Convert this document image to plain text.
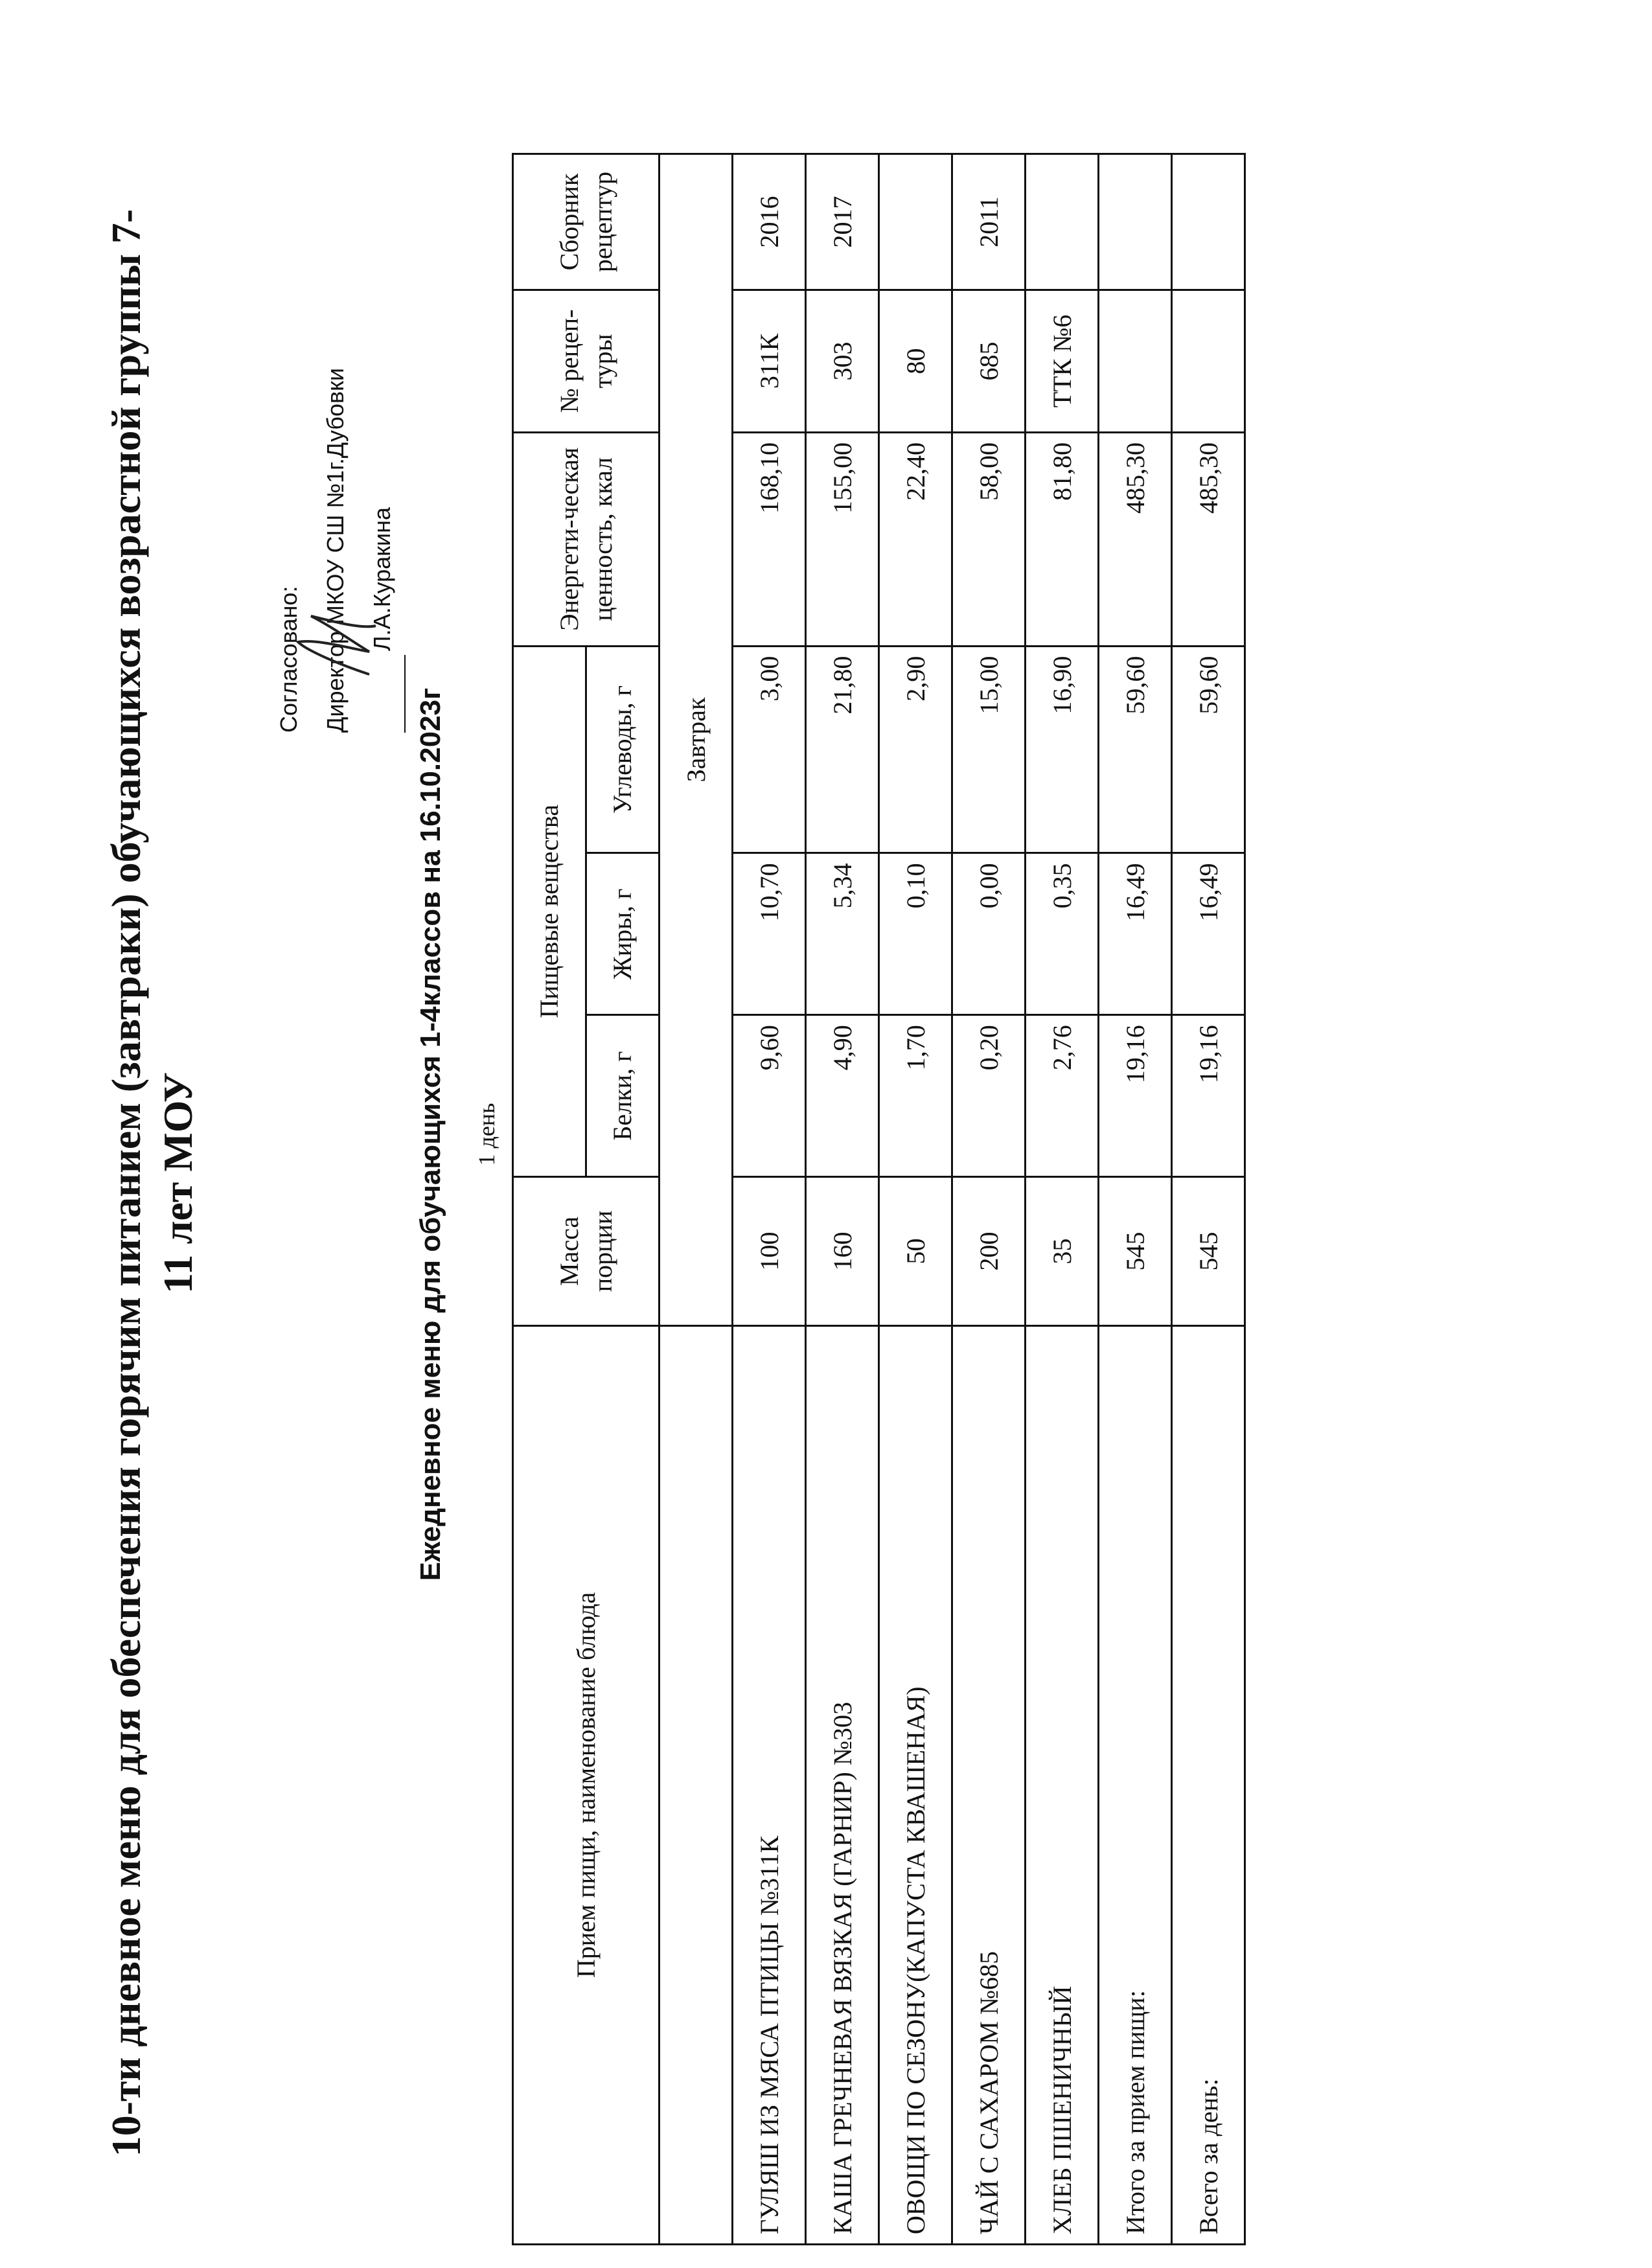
10-ти дневное меню для обеспечения горячим питанием (завтраки) обучающихся возрастной группы 7- 11 лет МОУ
Согласовано: Директор МКОУ СШ №1г.Дубовки Л.А.Куракина
Ежедневное меню для обучающихся 1-4классов на 16.10.2023г 1 день
Прием пищи, наименование блюда	Масса порции	Пищевые вещества			Энергети-ческая ценность, ккал	№ рецеп-туры	Сборник рецептур
		Белки, г	Жиры, г	Углеводы, г			
	Завтрак						
ГУЛЯШ ИЗ МЯСА ПТИЦЫ №311К	100	9,60	10,70	3,00	168,10	311К	2016
КАША ГРЕЧНЕВАЯ ВЯЗКАЯ (ГАРНИР) №303	160	4,90	5,34	21,80	155,00	303	2017
ОВОЩИ ПО СЕЗОНУ(КАПУСТА КВАШЕНАЯ)	50	1,70	0,10	2,90	22,40	80	
ЧАЙ С САХАРОМ №685	200	0,20	0,00	15,00	58,00	685	2011
ХЛЕБ ПШЕНИЧНЫЙ	35	2,76	0,35	16,90	81,80	ТТК №6	
Итого за прием пищи:	545	19,16	16,49	59,60	485,30		
Всего за день:	545	19,16	16,49	59,60	485,30		
